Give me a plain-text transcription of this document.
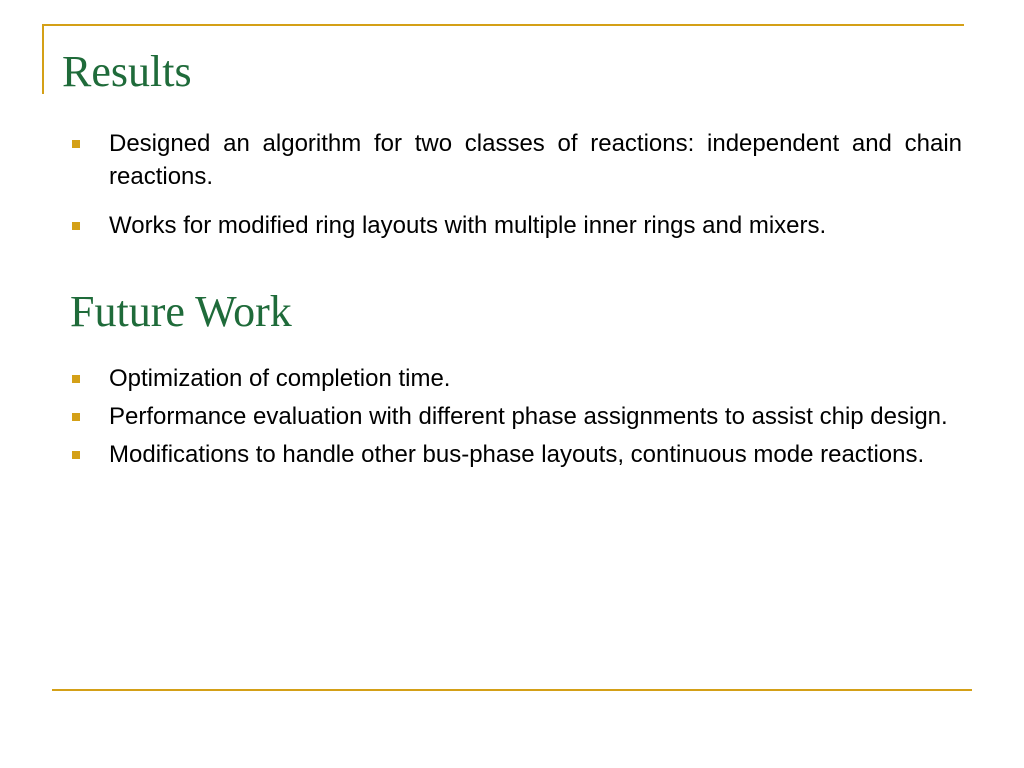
Results
Designed an algorithm for two classes of reactions: independent and chain reactions.
Works for modified ring layouts with multiple inner rings and mixers.
Future Work
Optimization of completion time.
Performance evaluation with different phase assignments to assist chip design.
Modifications to handle other bus-phase layouts, continuous mode reactions.
